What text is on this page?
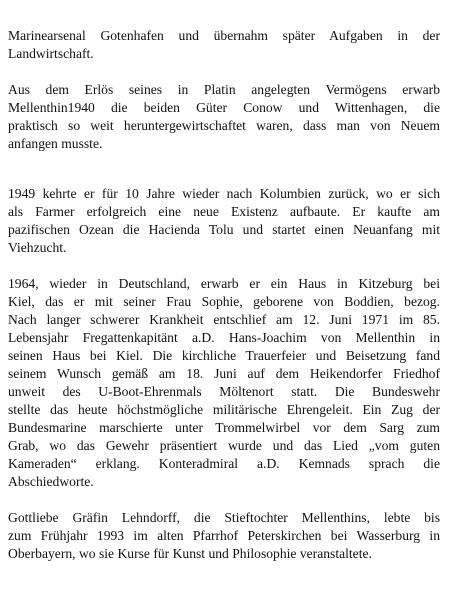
Marinearsenal Gotenhafen und übernahm später Aufgaben in der
Landwirtschaft.
Aus dem Erlös seines in Platin angelegten Vermögens erwarb
Mellenthin1940 die beiden Güter Conow und Wittenhagen, die
praktisch so weit heruntergewirtschaftet waren, dass man von Neuem
anfangen musste.
1949 kehrte er für 10 Jahre wieder nach Kolumbien zurück, wo er sich
als Farmer erfolgreich eine neue Existenz aufbaute. Er kaufte am
pazifischen Ozean die Hacienda Tolu und startet einen Neuanfang mit
Viehzucht.
1964, wieder in Deutschland, erwarb er ein Haus in Kitzeburg bei
Kiel, das er mit seiner Frau Sophie, geborene von Boddien, bezog.
Nach langer schwerer Krankheit entschlief am 12. Juni 1971 im 85.
Lebensjahr Fregattenkapitänt a.D. Hans-Joachim von Mellenthin in
seinen Haus bei Kiel. Die kirchliche Trauerfeier und Beisetzung fand
seinem Wunsch gemäß am 18. Juni auf dem Heikendorfer Friedhof
unweit des U-Boot-Ehrenmals Möltenort statt. Die Bundeswehr
stellte das heute höchstmögliche militärische Ehrengeleit. Ein Zug der
Bundesmarine marschierte unter Trommelwirbel vor dem Sarg zum
Grab, wo das Gewehr präsentiert wurde und das Lied „vom guten
Kameraden“ erklang. Konteradmiral a.D. Kemnads sprach die
Abschiedworte.
Gottliebe Gräfin Lehndorff, die Stieftochter Mellenthins, lebte bis
zum Frühjahr 1993 im alten Pfarrhof Peterskirchen bei Wasserburg in
Oberbayern, wo sie Kurse für Kunst und Philosophie veranstaltete.
